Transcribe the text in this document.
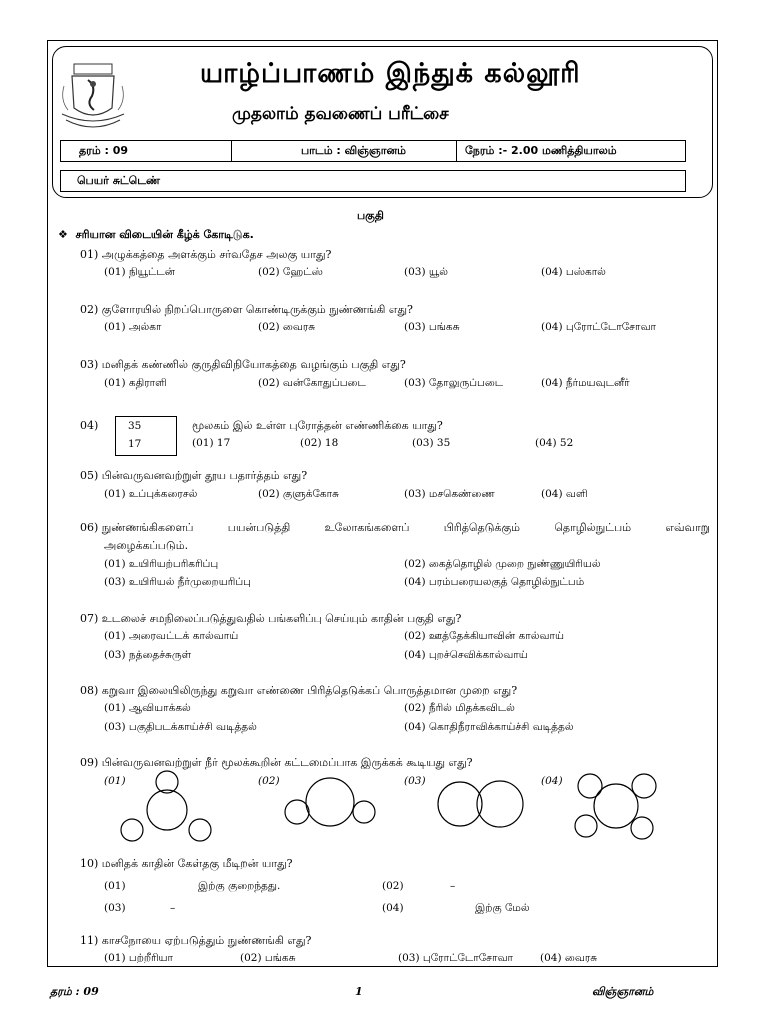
யாழ்ப்பாணம் இந்துக் கல்லூரி
முதலாம் தவணைப் பரீட்சை
தரம் : 09	பாடம் : விஞ்ஞானம்	நேரம் :- 2.00 மணித்தியாலம்
பெயர் சுட்டெண்
பகுதி
❖ சரியான விடையின் கீழ்க் கோடிடுக.
01) அழுக்கத்தை அளக்கும் சர்வதேச அலகு யாது?
(01) நியூட்டன்	(02) ஹேட்ஸ்	(03) யூல்	(04) பஸ்கால்
02) குளோரயில் நிறப்பொருளை கொண்டிருக்கும் நுண்ணங்கி எது?
(01) அல்கா	(02) வைரசு	(03) பங்கசு	(04) புரோட்டோசோவா
03) மனிதக் கண்ணில் குருதிவிநியோகத்தை வழங்கும் பகுதி எது?
(01) கதிராளி	(02) வன்கோதுப்படை	(03) தோலுருப்படை	(04) நீர்மயவுடனீர்
04)	35
17
மூலகம் இல் உள்ள புரோத்தன் எண்ணிக்கை யாது?
(01) 17	(02) 18	(03) 35	(04) 52
05) பின்வருவனவற்றுள் தூய பதார்த்தம் எது?
(01) உப்புக்கரைசல்	(02) குளுக்கோசு	(03) மசகெண்ணை	(04) வளி
06) நுண்ணங்கிகளைப்	பயன்படுத்தி	உலோகங்களைப்	பிரித்தெடுக்கும்	தொழில்நுட்பம்	எவ்வாறு
அழைக்கப்படும்.
(01) உயிரியற்பரிகரிப்பு	(02) கைத்தொழில் முறை நுண்ணுயிரியல்
(03) உயிரியல் நீர்முறையரிப்பு	(04) பரம்பரையலகுத் தொழில்நுட்பம்
07) உடலைச் சமநிலைப்படுத்துவதில் பங்களிப்பு செய்யும் காதின் பகுதி எது?
(01) அரைவட்டக் கால்வாய்	(02) ஊத்தேக்கியாவின் கால்வாய்
(03) நத்தைச்சுருள்	(04) புறச்செவிக்கால்வாய்
08) கறுவா இலையிலிருந்து கறுவா எண்ணை பிரித்தெடுக்கப் பொருத்தமான முறை எது?
(01) ஆவியாக்கல்	(02) நீரில் மிதக்கவிடல்
(03) பகுதிபடக்காய்ச்சி வடித்தல்	(04) கொதிநீராவிக்காய்ச்சி வடித்தல்
09) பின்வருவனவற்றுள் நீர் மூலக்கூறின் கட்டமைப்பாக இருக்கக் கூடியது எது?
(01)	(02)	(03)	(04)
10) மனிதக் காதின் கேள்தகு மீடிறன் யாது?
(01)	இற்கு குறைந்தது.	(02)	–
(03)	–	(04)	இற்கு மேல்
11) காசநோயை ஏற்படுத்தும் நுண்ணங்கி எது?
(01) பற்றீரியா	(02) பங்கசு	(03) புரோட்டோசோவா	(04) வைரசு
தரம் : 09	1	விஞ்ஞானம்
